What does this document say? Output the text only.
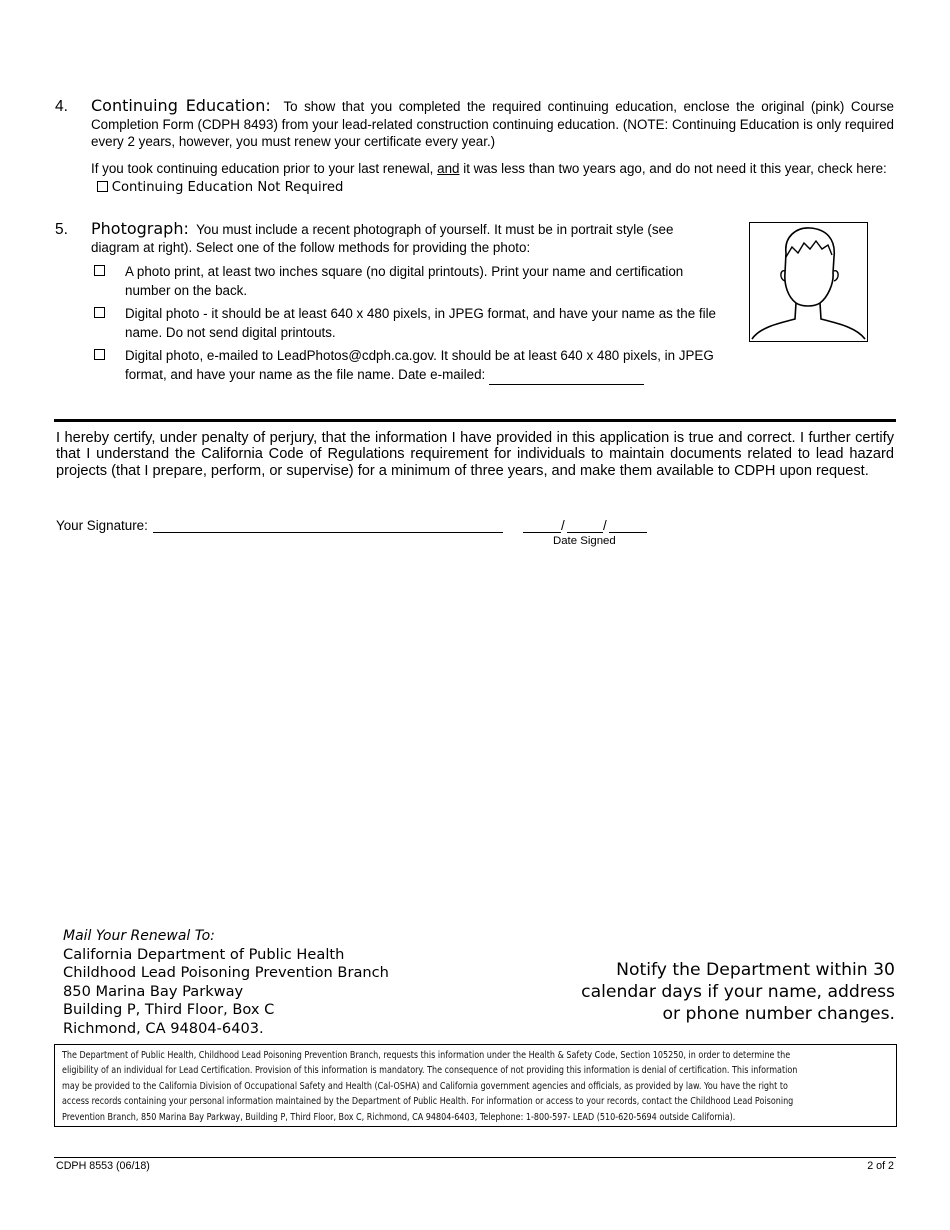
4. Continuing Education: To show that you completed the required continuing education, enclose the original (pink) Course Completion Form (CDPH 8493) from your lead-related construction continuing education. (NOTE: Continuing Education is only required every 2 years, however, you must renew your certificate every year.)
If you took continuing education prior to your last renewal, and it was less than two years ago, and do not need it this year, check here:  Continuing Education Not Required
5. Photograph: You must include a recent photograph of yourself. It must be in portrait style (see diagram at right). Select one of the follow methods for providing the photo:
A photo print, at least two inches square (no digital printouts). Print your name and certification number on the back.
Digital photo - it should be at least 640 x 480 pixels, in JPEG format, and have your name as the file name. Do not send digital printouts.
Digital photo, e-mailed to LeadPhotos@cdph.ca.gov. It should be at least 640 x 480 pixels, in JPEG format, and have your name as the file name. Date e-mailed:
I hereby certify, under penalty of perjury, that the information I have provided in this application is true and correct. I further certify that I understand the California Code of Regulations requirement for individuals to maintain documents related to lead hazard projects (that I prepare, perform, or supervise) for a minimum of three years, and make them available to CDPH upon request.
Your Signature:	/	/
Date Signed
Mail Your Renewal To:
California Department of Public Health
Childhood Lead Poisoning Prevention Branch
850 Marina Bay Parkway
Building P, Third Floor, Box C
Richmond, CA 94804-6403.
Notify the Department within 30
calendar days if your name, address
or phone number changes.
The Department of Public Health, Childhood Lead Poisoning Prevention Branch, requests this information under the Health & Safety Code, Section 105250, in order to determine the
eligibility of an individual for Lead Certification. Provision of this information is mandatory. The consequence of not providing this information is denial of certification. This information
may be provided to the California Division of Occupational Safety and Health (Cal-OSHA) and California government agencies and officials, as provided by law. You have the right to
access records containing your personal information maintained by the Department of Public Health. For information or access to your records, contact the Childhood Lead Poisoning
Prevention Branch, 850 Marina Bay Parkway, Building P, Third Floor, Box C, Richmond, CA 94804-6403, Telephone: 1-800-597- LEAD (510-620-5694 outside California).
CDPH 8553 (06/18)	2 of 2
